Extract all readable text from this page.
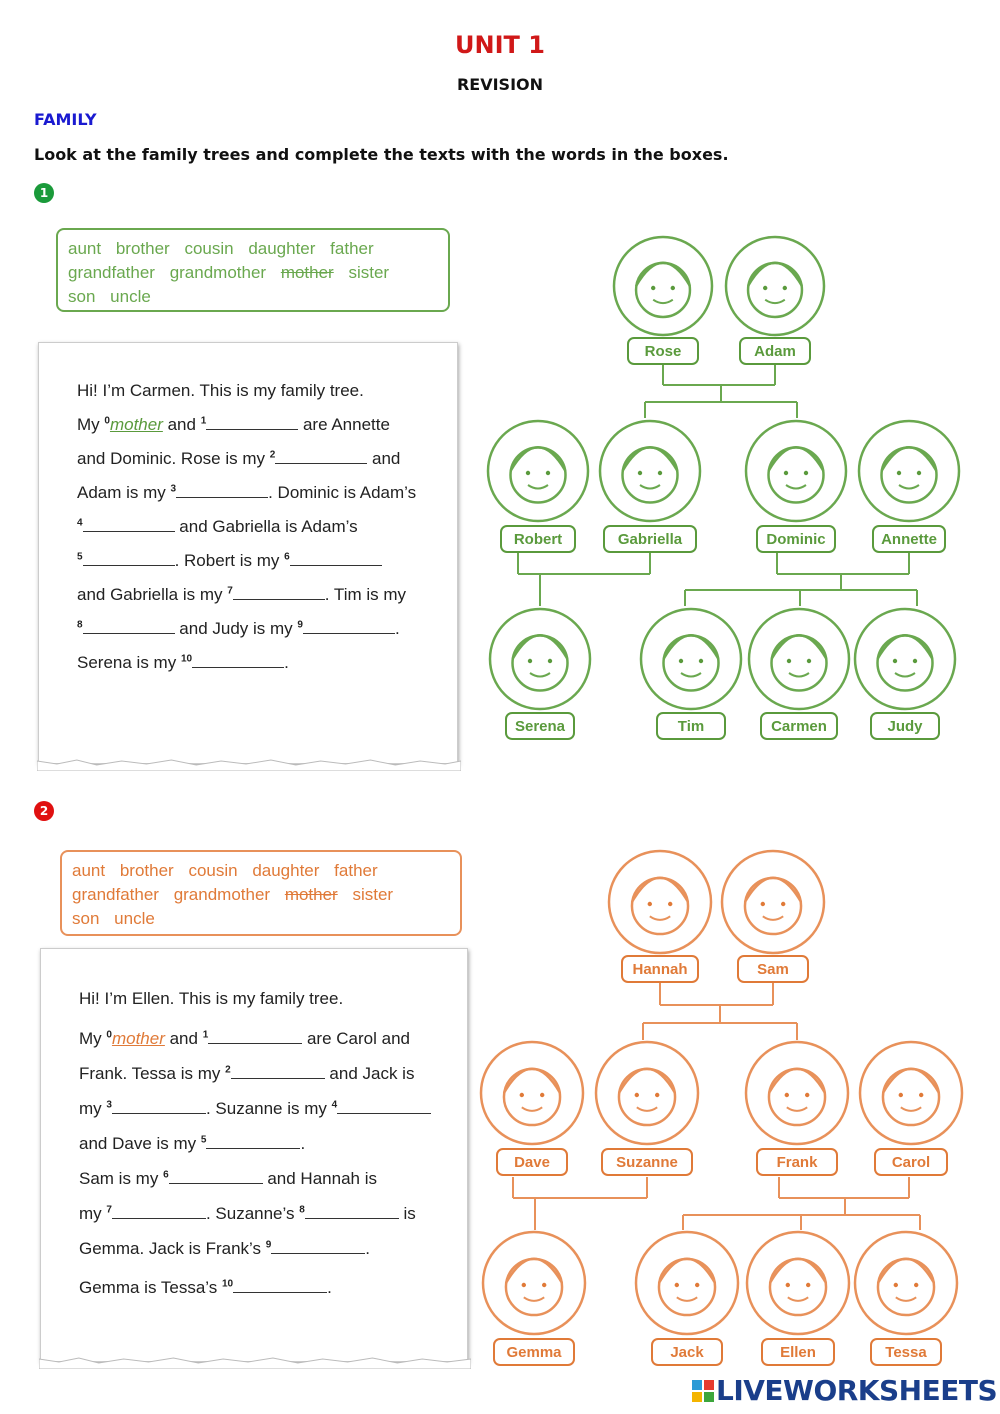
UNIT 1
REVISION
FAMILY
Look at the family trees and complete the texts with the words in the boxes.
1
aunt brother cousin daughter father
grandfather grandmother mother sister
son uncle
Hi! I’m Carmen. This is my family tree.
My $^0$mother and $^1$	are Annette
and Dominic. Rose is my $^2$	and
Adam is my $^3$	. Dominic is Adam’s
$^4$	and Gabriella is Adam’s
$^5$	. Robert is my $^6$
and Gabriella is my $^7$	. Tim is my
$^8$	and Judy is my $^9$	.
Serena is my $^{10}$	.
Rose	Adam
Robert	Gabriella	Dominic	Annette
Serena	Tim	Carmen	Judy
2
aunt brother cousin daughter father
grandfather grandmother mother sister
son uncle
Hi! I’m Ellen. This is my family tree.
My $^0$mother and $^1$	are Carol and
Frank. Tessa is my $^2$	and Jack is
my $^3$	. Suzanne is my $^4$
and Dave is my $^5$	.
Sam is my $^6$	and Hannah is
my $^7$	. Suzanne’s $^8$	is
Gemma. Jack is Frank’s $^9$	.
Gemma is Tessa’s $^{10}$	.
Hannah	Sam
Dave	Suzanne	Frank	Carol
Gemma	Jack	Ellen	Tessa
LIVEWORKSHEETS
